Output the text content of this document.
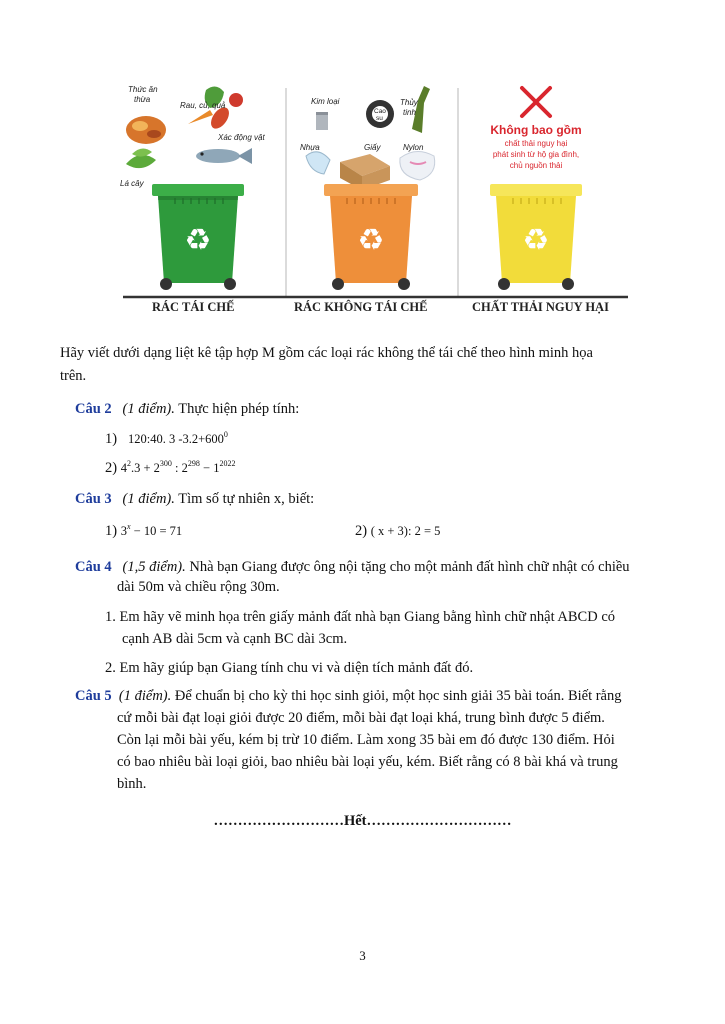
Thức ăn
thừa
Rau, củ, quả
Xác động vật
Lá cây
♻
Kim loại	Thủy
tinh
Cao
su
Nhựa	Giấy	Nylon
♻
Không bao gồm
chất thải nguy hại
phát sinh từ hộ gia đình,
chủ nguồn thải
♻
RÁC TÁI CHẾ	RÁC KHÔNG TÁI CHẾ	CHẤT THẢI NGUY HẠI
Hãy viết dưới dạng liệt kê tập hợp M gồm các loại rác không thể tái chế theo hình minh họa
trên.
Câu 2 (1 điểm). Thực hiện phép tính:
1) 120:40. 3 $-3.2+600^0$
2) $4^2.3 + 2^{300}$ : $2^{298} - 1^{2022}$
Câu 3 (1 điểm). Tìm số tự nhiên x, biết:
1) $3^x - 10 = 71$	2) ( x + 3): 2 = 5
Câu 4 (1,5 điểm). Nhà bạn Giang được ông nội tặng cho một mảnh đất hình chữ nhật có chiều
dài 50m và chiều rộng 30m.
1. Em hãy vẽ minh họa trên giấy mảnh đất nhà bạn Giang bằng hình chữ nhật ABCD có
cạnh AB dài 5cm và cạnh BC dài 3cm.
2. Em hãy giúp bạn Giang tính chu vi và diện tích mảnh đất đó.
Câu 5 (1 điểm). Để chuẩn bị cho kỳ thi học sinh giỏi, một học sinh giải 35 bài toán. Biết rằng
cứ mỗi bài đạt loại giỏi được 20 điểm, mỗi bài đạt loại khá, trung bình được 5 điểm.
Còn lại mỗi bài yếu, kém bị trừ 10 điểm. Làm xong 35 bài em đó được 130 điểm. Hỏi
có bao nhiêu bài loại giỏi, bao nhiêu bài loại yếu, kém. Biết rằng có 8 bài khá và trung
bình.
………………………Hết…………………………
3
